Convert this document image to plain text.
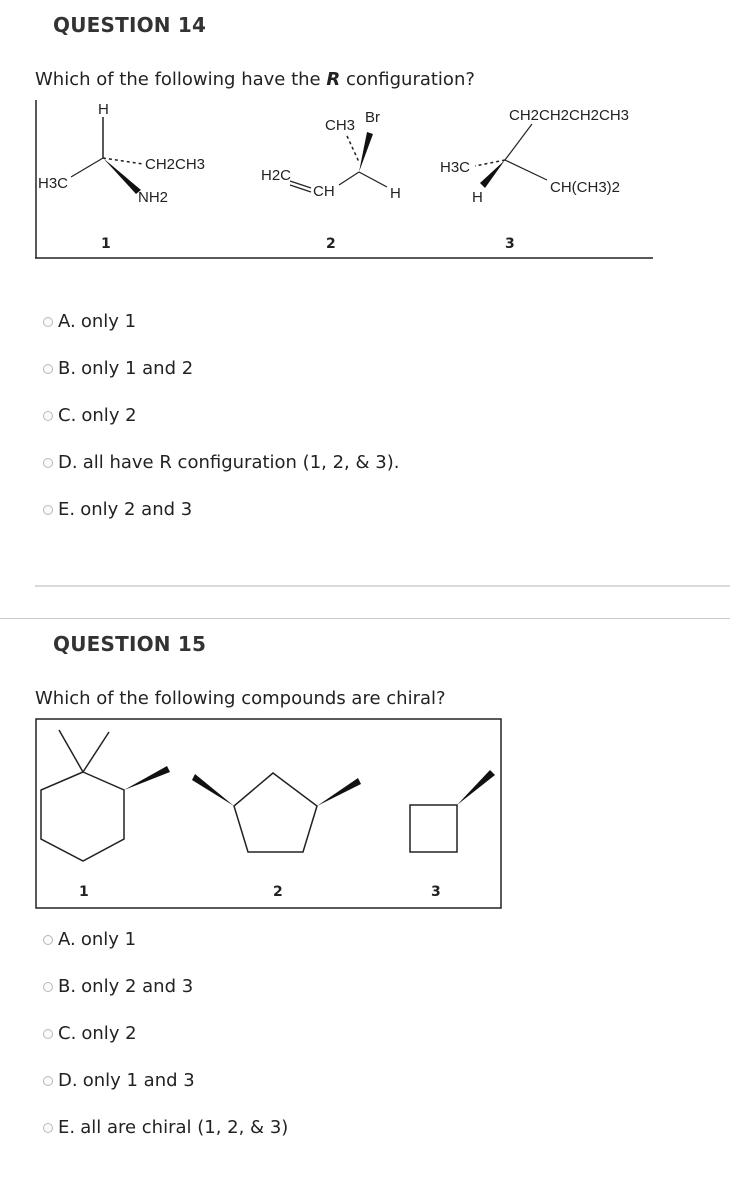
QUESTION 14
Which of the following have the R configuration?
H
H3C
CH2CH3
NH2
1
CH3 Br
H
H2C
CH
2
CH2CH2CH2CH3
H3C
H
CH(CH3)2
3
A.
only 1
B.
only 1 and 2
C.
only 2
D.
all have R configuration (1, 2, & 3).
E.
only 2 and 3
QUESTION 15
Which of the following compounds are chiral?
1	2	3
A.
only 1
B.
only 2 and 3
C.
only 2
D.
only 1 and 3
E.
all are chiral (1, 2, & 3)
